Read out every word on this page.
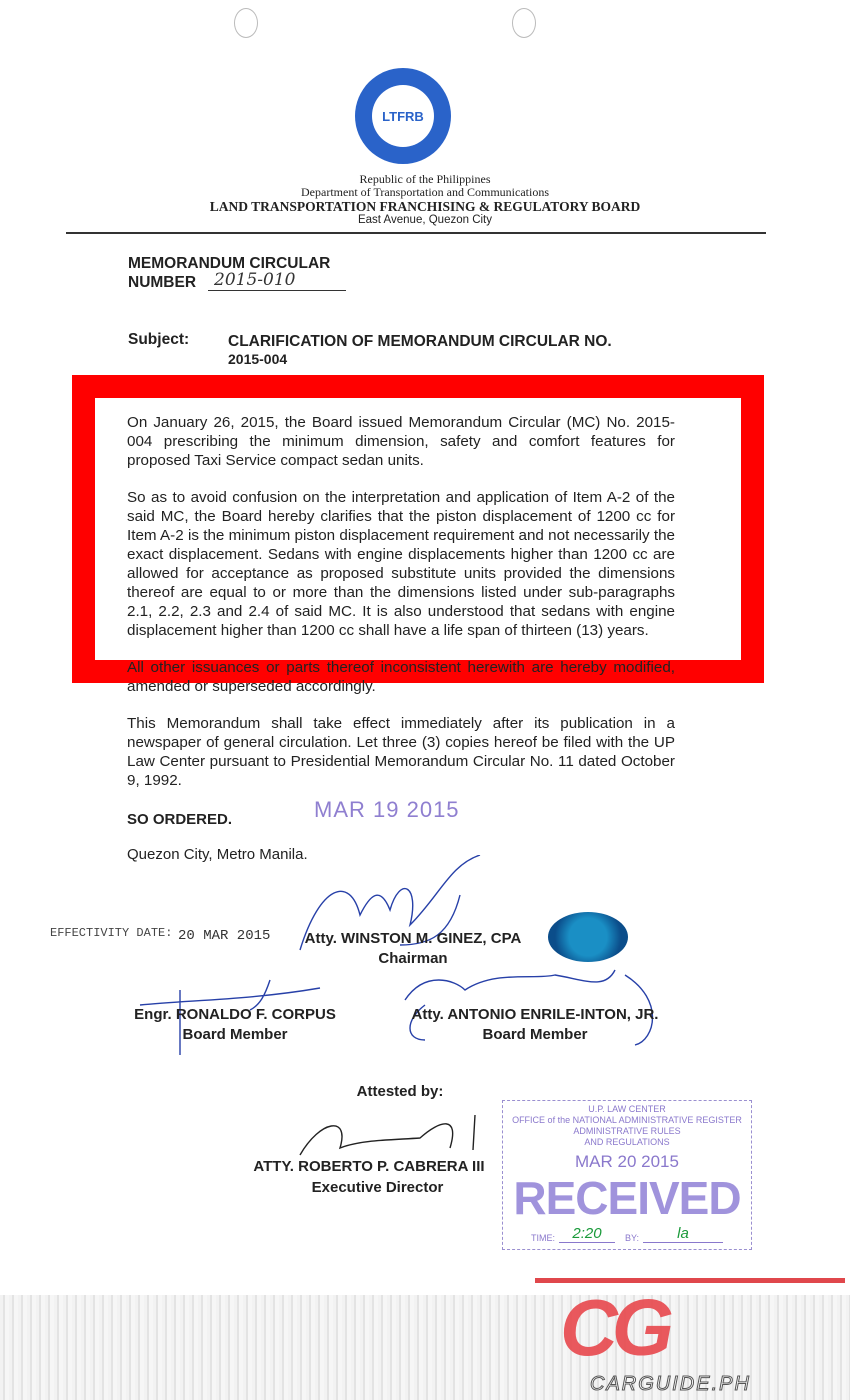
LTFRB
Republic of the Philippines
Department of Transportation and Communications
LAND TRANSPORTATION FRANCHISING & REGULATORY BOARD
East Avenue, Quezon City
MEMORANDUM CIRCULAR
NUMBER	2015-010
Subject:	CLARIFICATION OF MEMORANDUM CIRCULAR NO.
2015-004

On January 26, 2015, the Board issued Memorandum Circular (MC) No. 2015-004 prescribing the minimum dimension, safety and comfort features for proposed Taxi Service compact sedan units.

So as to avoid confusion on the interpretation and application of Item A-2 of the said MC, the Board hereby clarifies that the piston displacement of 1200 cc for Item A-2 is the minimum piston displacement requirement and not necessarily the exact displacement. Sedans with engine displacements higher than 1200 cc are allowed for acceptance as proposed substitute units provided the dimensions thereof are equal to or more than the dimensions listed under sub-paragraphs 2.1, 2.2, 2.3 and 2.4 of said MC. It is also understood that sedans with engine displacement higher than 1200 cc shall have a life span of thirteen (13) years.

All other issuances or parts thereof inconsistent herewith are hereby modified, amended or superseded accordingly.

This Memorandum shall take effect immediately after its publication in a newspaper of general circulation. Let three (3) copies hereof be filed with the UP Law Center pursuant to Presidential Memorandum Circular No. 11 dated October 9, 1992.

SO ORDERED.	MAR 19 2015
Quezon City, Metro Manila.
EFFECTIVITY DATE: 20 MAR 2015	Atty. WINSTON M. GINEZ, CPA
Chairman
Engr. RONALDO F. CORPUS
Board Member
Atty. ANTONIO ENRILE-INTON, JR.
Board Member
Attested by:
ATTY. ROBERTO P. CABRERA III
Executive Director
U.P. LAW CENTER
OFFICE of the NATIONAL ADMINISTRATIVE REGISTER
ADMINISTRATIVE RULES
AND REGULATIONS
MAR 20 2015
RECEIVED
TIME:	2:20	BY:	la
CG
CARGUIDE.PH
